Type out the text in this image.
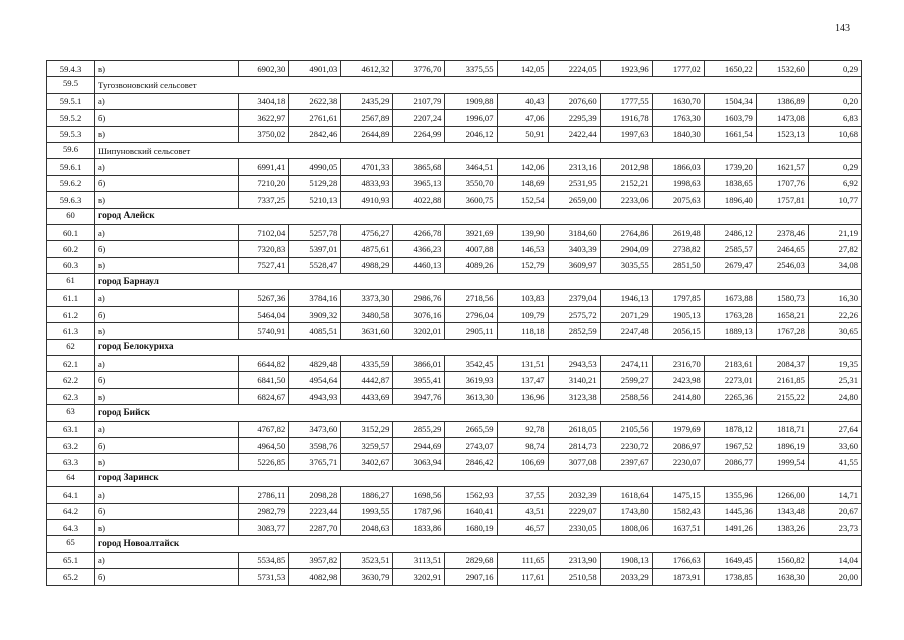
143
59.4.3	в)	6902,30	4901,03	4612,32	3776,70	3375,55	142,05	2224,05	1923,96	1777,02	1650,22	1532,60	0,29
59.5	Тугозвоновский сельсовет												
59.5.1	а)	3404,18	2622,38	2435,29	2107,79	1909,88	40,43	2076,60	1777,55	1630,70	1504,34	1386,89	0,20
59.5.2	б)	3622,97	2761,61	2567,89	2207,24	1996,07	47,06	2295,39	1916,78	1763,30	1603,79	1473,08	6,83
59.5.3	в)	3750,02	2842,46	2644,89	2264,99	2046,12	50,91	2422,44	1997,63	1840,30	1661,54	1523,13	10,68
59.6	Шипуновский сельсовет												
59.6.1	а)	6991,41	4990,05	4701,33	3865,68	3464,51	142,06	2313,16	2012,98	1866,03	1739,20	1621,57	0,29
59.6.2	б)	7210,20	5129,28	4833,93	3965,13	3550,70	148,69	2531,95	2152,21	1998,63	1838,65	1707,76	6,92
59.6.3	в)	7337,25	5210,13	4910,93	4022,88	3600,75	152,54	2659,00	2233,06	2075,63	1896,40	1757,81	10,77
60	город Алейск												
60.1	а)	7102,04	5257,78	4756,27	4266,78	3921,69	139,90	3184,60	2764,86	2619,48	2486,12	2378,46	21,19
60.2	б)	7320,83	5397,01	4875,61	4366,23	4007,88	146,53	3403,39	2904,09	2738,82	2585,57	2464,65	27,82
60.3	в)	7527,41	5528,47	4988,29	4460,13	4089,26	152,79	3609,97	3035,55	2851,50	2679,47	2546,03	34,08
61	город Барнаул												
61.1	а)	5267,36	3784,16	3373,30	2986,76	2718,56	103,83	2379,04	1946,13	1797,85	1673,88	1580,73	16,30
61.2	б)	5464,04	3909,32	3480,58	3076,16	2796,04	109,79	2575,72	2071,29	1905,13	1763,28	1658,21	22,26
61.3	в)	5740,91	4085,51	3631,60	3202,01	2905,11	118,18	2852,59	2247,48	2056,15	1889,13	1767,28	30,65
62	город Белокуриха												
62.1	а)	6644,82	4829,48	4335,59	3866,01	3542,45	131,51	2943,53	2474,11	2316,70	2183,61	2084,37	19,35
62.2	б)	6841,50	4954,64	4442,87	3955,41	3619,93	137,47	3140,21	2599,27	2423,98	2273,01	2161,85	25,31
62.3	в)	6824,67	4943,93	4433,69	3947,76	3613,30	136,96	3123,38	2588,56	2414,80	2265,36	2155,22	24,80
63	город Бийск												
63.1	а)	4767,82	3473,60	3152,29	2855,29	2665,59	92,78	2618,05	2105,56	1979,69	1878,12	1818,71	27,64
63.2	б)	4964,50	3598,76	3259,57	2944,69	2743,07	98,74	2814,73	2230,72	2086,97	1967,52	1896,19	33,60
63.3	в)	5226,85	3765,71	3402,67	3063,94	2846,42	106,69	3077,08	2397,67	2230,07	2086,77	1999,54	41,55
64	город Заринск												
64.1	а)	2786,11	2098,28	1886,27	1698,56	1562,93	37,55	2032,39	1618,64	1475,15	1355,96	1266,00	14,71
64.2	б)	2982,79	2223,44	1993,55	1787,96	1640,41	43,51	2229,07	1743,80	1582,43	1445,36	1343,48	20,67
64.3	в)	3083,77	2287,70	2048,63	1833,86	1680,19	46,57	2330,05	1808,06	1637,51	1491,26	1383,26	23,73
65	город Новоалтайск												
65.1	а)	5534,85	3957,82	3523,51	3113,51	2829,68	111,65	2313,90	1908,13	1766,63	1649,45	1560,82	14,04
65.2	б)	5731,53	4082,98	3630,79	3202,91	2907,16	117,61	2510,58	2033,29	1873,91	1738,85	1638,30	20,00
